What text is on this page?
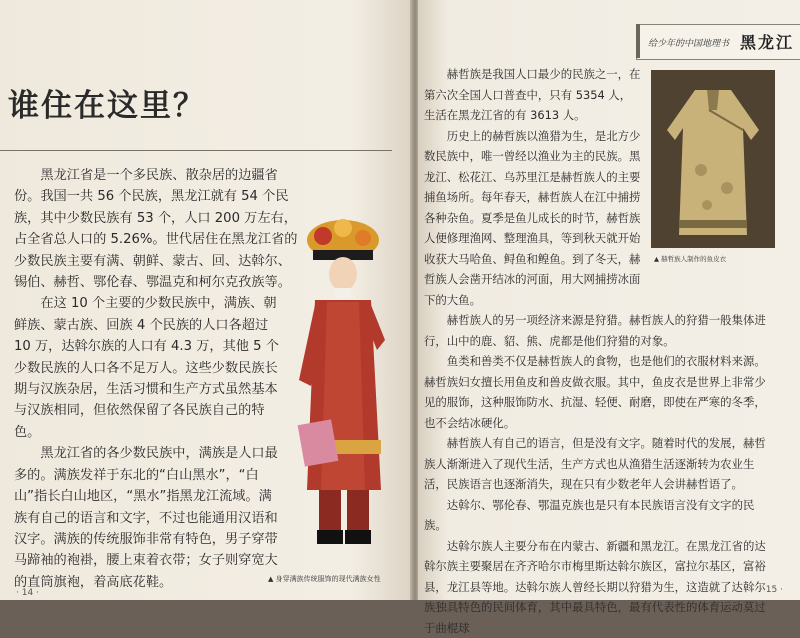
谁住在这里？

黑龙江省是一个多民族、散杂居的边疆省份。我国一共 56 个民族，黑龙江就有 54 个民族，其中少数民族有 53 个，人口 200 万左右，占全省总人口的 5.26%。世代居住在黑龙江省的少数民族主要有满、朝鲜、蒙古、回、达斡尔、锡伯、赫哲、鄂伦春、鄂温克和柯尔克孜族等。

在这 10 个主要的少数民族中，满族、朝鲜族、蒙古族、回族 4 个民族的人口各超过 10 万，达斡尔族的人口有 4.3 万，其他 5 个少数民族的人口各不足万人。这些少数民族长期与汉族杂居，生活习惯和生产方式虽然基本与汉族相同，但依然保留了各民族自己的特色。

黑龙江省的各少数民族中，满族是人口最多的。满族发祥于东北的“白山黑水”，“白山”指长白山地区，“黑水”指黑龙江流域。满族有自己的语言和文字，不过也能通用汉语和汉字。满族的传统服饰非常有特色，男子穿带马蹄袖的袍褂，腰上束着衣带；女子则穿宽大的直筒旗袍，着高底花鞋。	▲ 身穿满族传统服饰的现代满族女性
· 14 ·
给少年的中国地理书 黑龙江

赫哲族是我国人口最少的民族之一，在第六次全国人口普查中，只有 5354 人，生活在黑龙江省的有 3613 人。

历史上的赫哲族以渔猎为生，是北方少数民族中，唯一曾经以渔业为主的民族。黑龙江、松花江、乌苏里江是赫哲族人的主要捕鱼场所。每年春天，赫哲族人在江中捕捞各种杂鱼。夏季是鱼儿成长的时节，赫哲族人便修理渔网、整理渔具，等到秋天就开始收获大马哈鱼、鲟鱼和鳇鱼。到了冬天，赫哲族人会凿开结冰的河面，用大网捕捞冰面下的大鱼。

赫哲族人的另一项经济来源是狩猎。赫哲族人的狩猎一般集体进行，山中的鹿、貂、熊、虎都是他们狩猎的对象。

鱼类和兽类不仅是赫哲族人的食物，也是他们的衣服材料来源。赫哲族妇女擅长用鱼皮和兽皮做衣服。其中，鱼皮衣是世界上非常少见的服饰，这种服饰防水、抗湿、轻便、耐磨，即使在严寒的冬季，也不会结冰硬化。

赫哲族人有自己的语言，但是没有文字。随着时代的发展，赫哲族人渐渐进入了现代生活，生产方式也从渔猎生活逐渐转为农业生活，民族语言也逐渐消失，现在只有少数老年人会讲赫哲语了。

达斡尔、鄂伦春、鄂温克族也是只有本民族语言没有文字的民族。

达斡尔族人主要分布在内蒙古、新疆和黑龙江。在黑龙江省的达斡尔族主要聚居在齐齐哈尔市梅里斯达斡尔族区，富拉尔基区，富裕县，龙江县等地。达斡尔族人曾经长期以狩猎为生，这造就了达斡尔族独具特色的民间体育，其中最具特色，最有代表性的体育运动莫过于曲棍球

▲ 赫哲族人制作的鱼皮衣
· 15 ·
